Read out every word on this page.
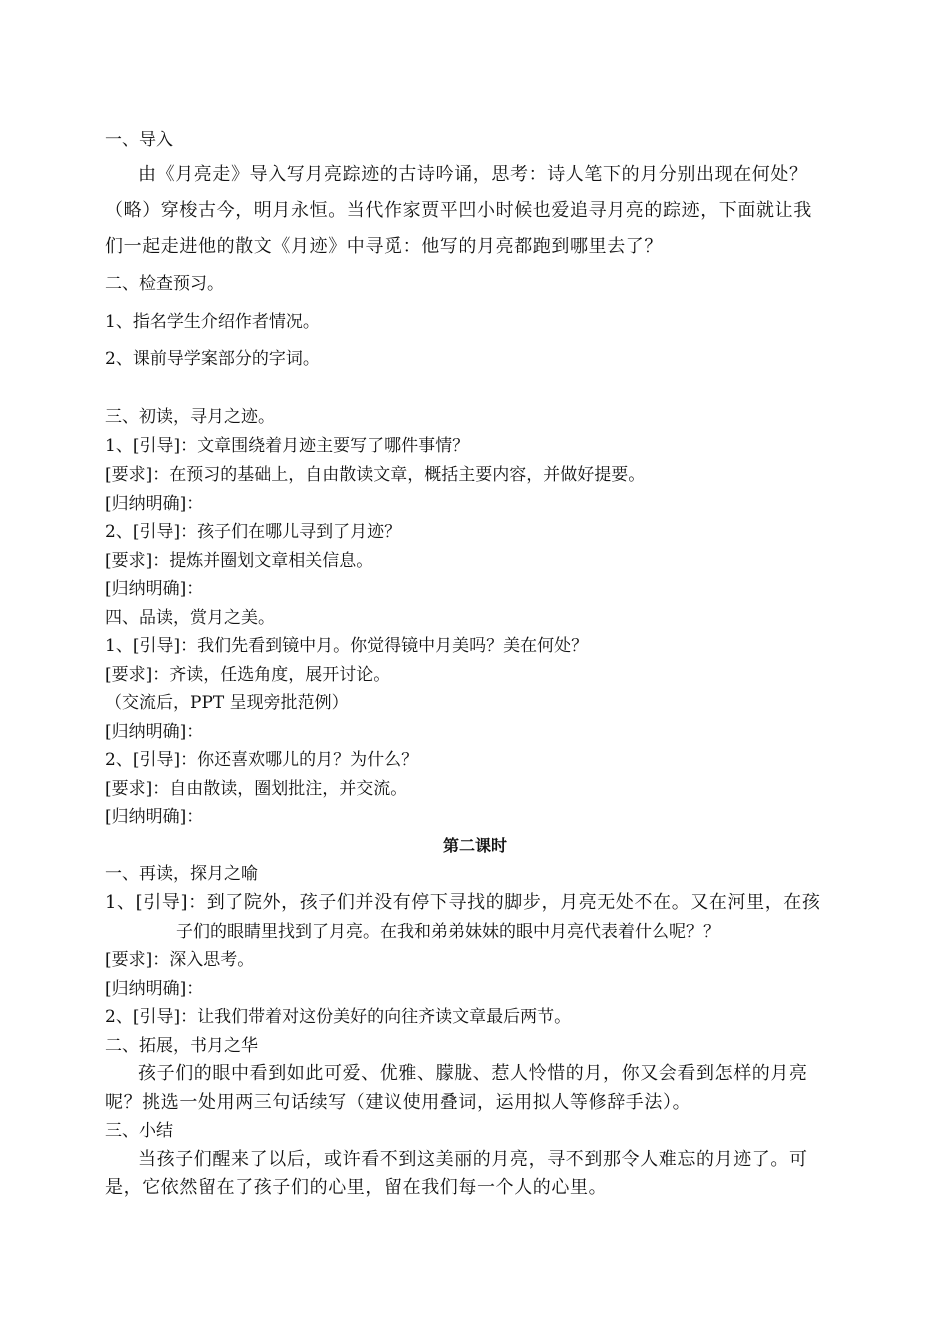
一、导入
由《月亮走》导入写月亮踪迹的古诗吟诵，思考：诗人笔下的月分别出现在何处？
（略）穿梭古今，明月永恒。当代作家贾平凹小时候也爱追寻月亮的踪迹，下面就让我
们一起走进他的散文《月迹》中寻觅：他写的月亮都跑到哪里去了？
二、检查预习。
1、指名学生介绍作者情况。
2、课前导学案部分的字词。
三、初读，寻月之迹。
1、[引导]：文章围绕着月迹主要写了哪件事情？
[要求]：在预习的基础上，自由散读文章，概括主要内容，并做好提要。
[归纳明确]：
2、[引导]：孩子们在哪儿寻到了月迹？
[要求]：提炼并圈划文章相关信息。
[归纳明确]：
四、品读，赏月之美。
1、[引导]：我们先看到镜中月。你觉得镜中月美吗？美在何处？
[要求]：齐读，任选角度，展开讨论。
（交流后，PPT 呈现旁批范例）
[归纳明确]：
2、[引导]：你还喜欢哪儿的月？为什么？
[要求]：自由散读，圈划批注，并交流。
[归纳明确]：
第二课时
一、再读，探月之喻
1、[引导]：到了院外，孩子们并没有停下寻找的脚步，月亮无处不在。又在河里，在孩
子们的眼睛里找到了月亮。在我和弟弟妹妹的眼中月亮代表着什么呢？？
[要求]：深入思考。
[归纳明确]：
2、[引导]：让我们带着对这份美好的向往齐读文章最后两节。
二、拓展，书月之华
孩子们的眼中看到如此可爱、优雅、朦胧、惹人怜惜的月，你又会看到怎样的月亮
呢？挑选一处用两三句话续写（建议使用叠词，运用拟人等修辞手法）。
三、小结
当孩子们醒来了以后，或许看不到这美丽的月亮，寻不到那令人难忘的月迹了。可
是，它依然留在了孩子们的心里，留在我们每一个人的心里。
